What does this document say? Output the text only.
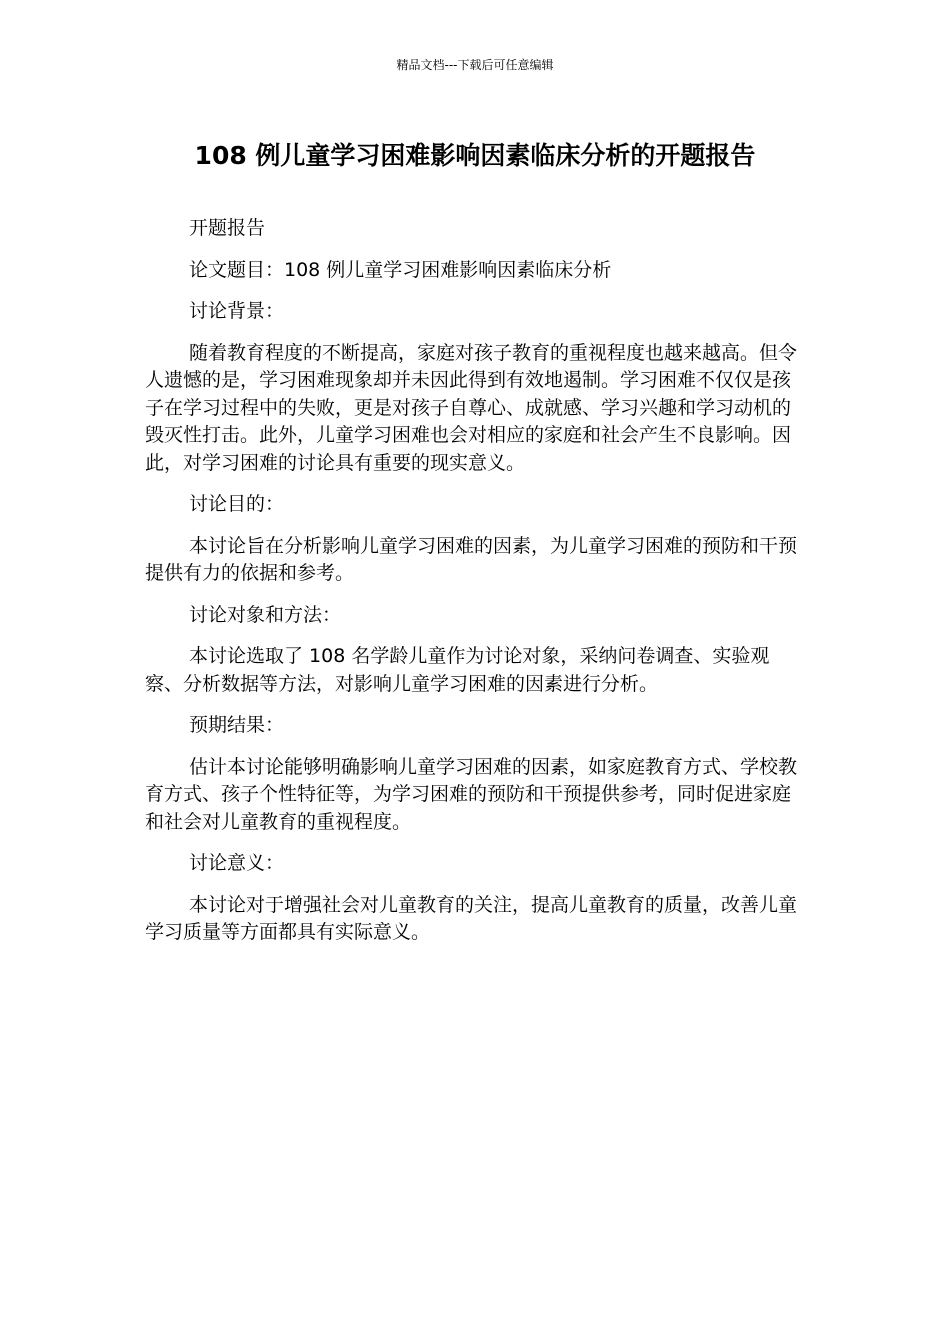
精品文档---下载后可任意编辑
108 例儿童学习困难影响因素临床分析的开题报告

开题报告

论文题目：108 例儿童学习困难影响因素临床分析

讨论背景：

随着教育程度的不断提高，家庭对孩子教育的重视程度也越来越高。但令人遗憾的是，学习困难现象却并未因此得到有效地遏制。学习困难不仅仅是孩子在学习过程中的失败，更是对孩子自尊心、成就感、学习兴趣和学习动机的毁灭性打击。此外，儿童学习困难也会对相应的家庭和社会产生不良影响。因此，对学习困难的讨论具有重要的现实意义。

讨论目的：

本讨论旨在分析影响儿童学习困难的因素，为儿童学习困难的预防和干预提供有力的依据和参考。

讨论对象和方法：

本讨论选取了 108 名学龄儿童作为讨论对象，采纳问卷调查、实验观察、分析数据等方法，对影响儿童学习困难的因素进行分析。

预期结果：

估计本讨论能够明确影响儿童学习困难的因素，如家庭教育方式、学校教育方式、孩子个性特征等，为学习困难的预防和干预提供参考，同时促进家庭和社会对儿童教育的重视程度。

讨论意义：

本讨论对于增强社会对儿童教育的关注，提高儿童教育的质量，改善儿童学习质量等方面都具有实际意义。
